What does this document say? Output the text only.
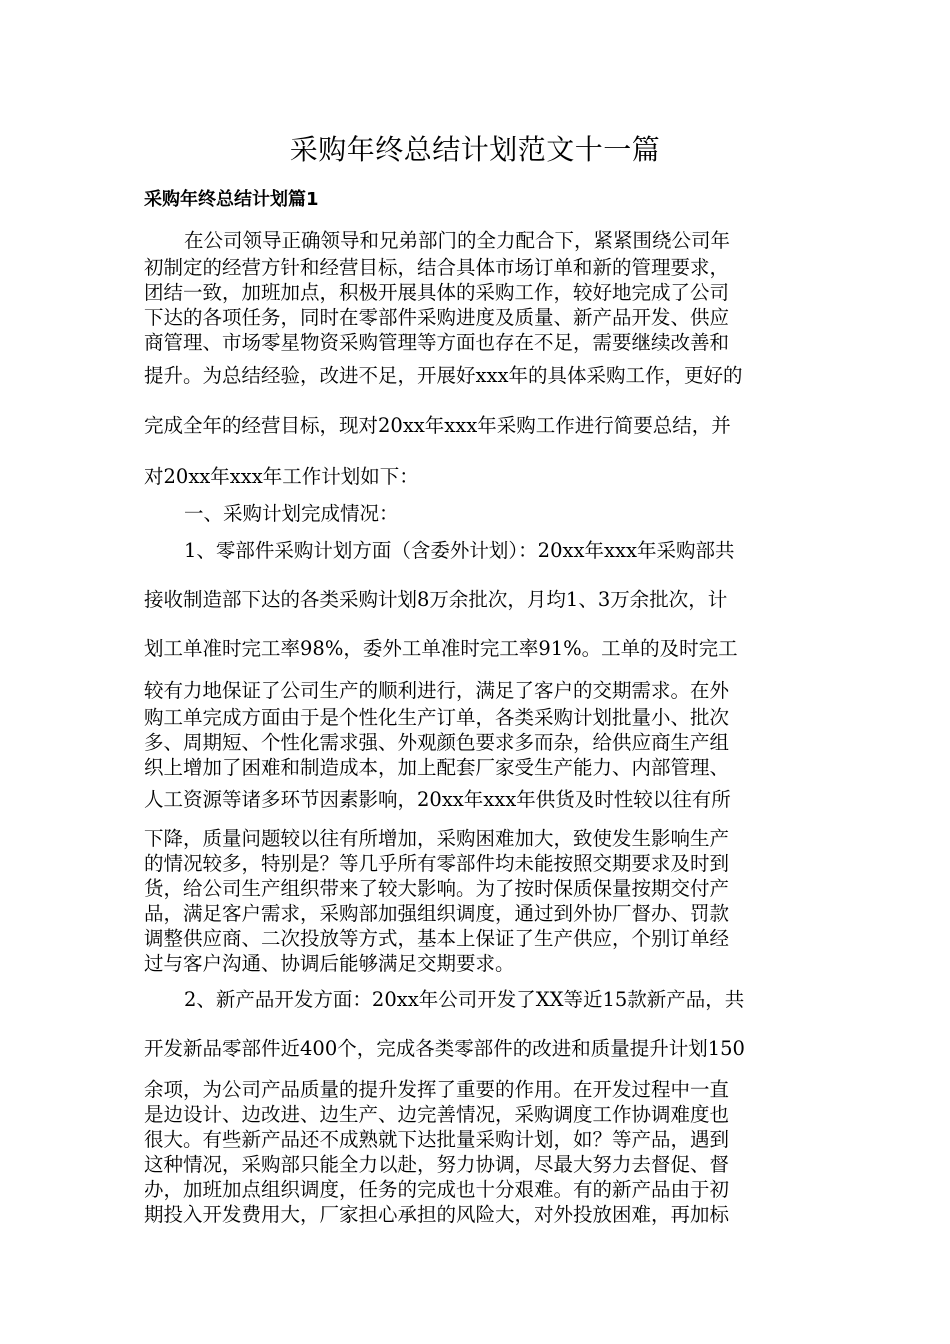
采购年终总结计划范文十一篇
采购年终总结计划篇1
在公司领导正确领导和兄弟部门的全力配合下，紧紧围绕公司年
初制定的经营方针和经营目标，结合具体市场订单和新的管理要求，
团结一致，加班加点，积极开展具体的采购工作，较好地完成了公司
下达的各项任务，同时在零部件采购进度及质量、新产品开发、供应
商管理、市场零星物资采购管理等方面也存在不足，需要继续改善和
提升。为总结经验，改进不足，开展好xxx年的具体采购工作，更好的
完成全年的经营目标，现对20xx年xxx年采购工作进行简要总结，并
对20xx年xxx年工作计划如下：
一、采购计划完成情况：
1、零部件采购计划方面（含委外计划）：20xx年xxx年采购部共
接收制造部下达的各类采购计划8万余批次，月均1、3万余批次，计
划工单准时完工率98%，委外工单准时完工率91%。工单的及时完工
较有力地保证了公司生产的顺利进行，满足了客户的交期需求。在外
购工单完成方面由于是个性化生产订单，各类采购计划批量小、批次
多、周期短、个性化需求强、外观颜色要求多而杂，给供应商生产组
织上增加了困难和制造成本，加上配套厂家受生产能力、内部管理、
人工资源等诸多环节因素影响，20xx年xxx年供货及时性较以往有所
下降，质量问题较以往有所增加，采购困难加大，致使发生影响生产
的情况较多，特别是？等几乎所有零部件均未能按照交期要求及时到
货，给公司生产组织带来了较大影响。为了按时保质保量按期交付产
品，满足客户需求，采购部加强组织调度，通过到外协厂督办、罚款
调整供应商、二次投放等方式，基本上保证了生产供应，个别订单经
过与客户沟通、协调后能够满足交期要求。
2、新产品开发方面：20xx年公司开发了XX等近15款新产品，共
开发新品零部件近400个，完成各类零部件的改进和质量提升计划150
余项，为公司产品质量的提升发挥了重要的作用。在开发过程中一直
是边设计、边改进、边生产、边完善情况，采购调度工作协调难度也
很大。有些新产品还不成熟就下达批量采购计划，如？等产品，遇到
这种情况，采购部只能全力以赴，努力协调，尽最大努力去督促、督
办，加班加点组织调度，任务的完成也十分艰难。有的新产品由于初
期投入开发费用大，厂家担心承担的风险大，对外投放困难，再加标
